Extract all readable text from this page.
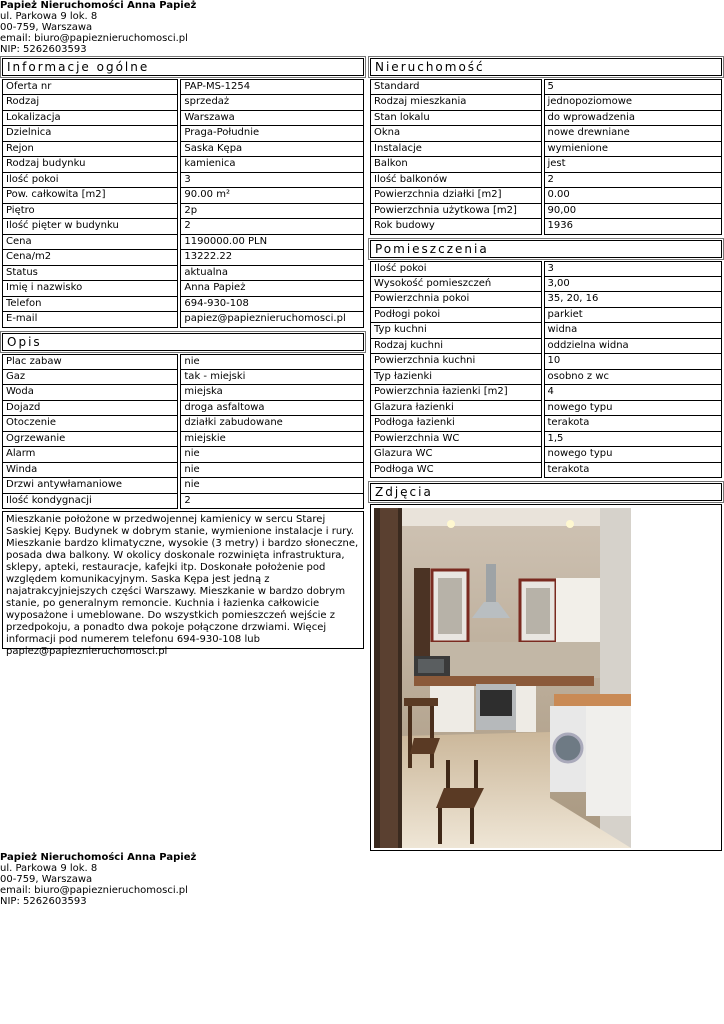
Papież Nieruchomości Anna Papież
ul. Parkowa 9 lok. 8
00-759, Warszawa
email: biuro@papieznieruchomosci.pl
NIP: 5262603593
Informacje ogólne
Oferta nr	PAP-MS-1254
Rodzaj	sprzedaż
Lokalizacja	Warszawa
Dzielnica	Praga-Południe
Rejon	Saska Kępa
Rodzaj budynku	kamienica
Ilość pokoi	3
Pow. całkowita [m2]	90.00 m²
Piętro	2p
Ilość pięter w budynku	2
Cena	1190000.00 PLN
Cena/m2	13222.22
Status	aktualna
Imię i nazwisko	Anna Papież
Telefon	694-930-108
E-mail	papiez@papieznieruchomosci.pl
Opis
Plac zabaw	nie
Gaz	tak - miejski
Woda	miejska
Dojazd	droga asfaltowa
Otoczenie	działki zabudowane
Ogrzewanie	miejskie
Alarm	nie
Winda	nie
Drzwi antywłamaniowe	nie
Ilość kondygnacji	2
Mieszkanie położone w przedwojennej kamienicy w sercu Starej Saskiej Kępy. Budynek w dobrym stanie, wymienione instalacje i rury. Mieszkanie bardzo klimatyczne, wysokie (3 metry) i bardzo słoneczne, posada dwa balkony. W okolicy doskonale rozwinięta infrastruktura, sklepy, apteki, restauracje, kafejki itp. Doskonałe położenie pod względem komunikacyjnym. Saska Kępa jest jedną z najatrakcyjniejszych części Warszawy. Mieszkanie w bardzo dobrym stanie, po generalnym remoncie. Kuchnia i łazienka całkowicie wyposażone i umeblowane. Do wszystkich pomieszczeń wejście z przedpokoju, a ponadto dwa pokoje połączone drzwiami. Więcej informacji pod numerem telefonu 694-930-108 lub papiez@papieznieruchomosci.pl
Nieruchomość
Standard	5
Rodzaj mieszkania	jednopoziomowe
Stan lokalu	do wprowadzenia
Okna	nowe drewniane
Instalacje	wymienione
Balkon	jest
Ilość balkonów	2
Powierzchnia działki [m2]	0.00
Powierzchnia użytkowa [m2]	90,00
Rok budowy	1936
Pomieszczenia
Ilość pokoi	3
Wysokość pomieszczeń	3,00
Powierzchnia pokoi	35, 20, 16
Podłogi pokoi	parkiet
Typ kuchni	widna
Rodzaj kuchni	oddzielna widna
Powierzchnia kuchni	10
Typ łazienki	osobno z wc
Powierzchnia łazienki [m2]	4
Glazura łazienki	nowego typu
Podłoga łazienki	terakota
Powierzchnia WC	1,5
Glazura WC	nowego typu
Podłoga WC	terakota
Zdjęcia
Papież Nieruchomości Anna Papież
ul. Parkowa 9 lok. 8
00-759, Warszawa
email: biuro@papieznieruchomosci.pl
NIP: 5262603593
